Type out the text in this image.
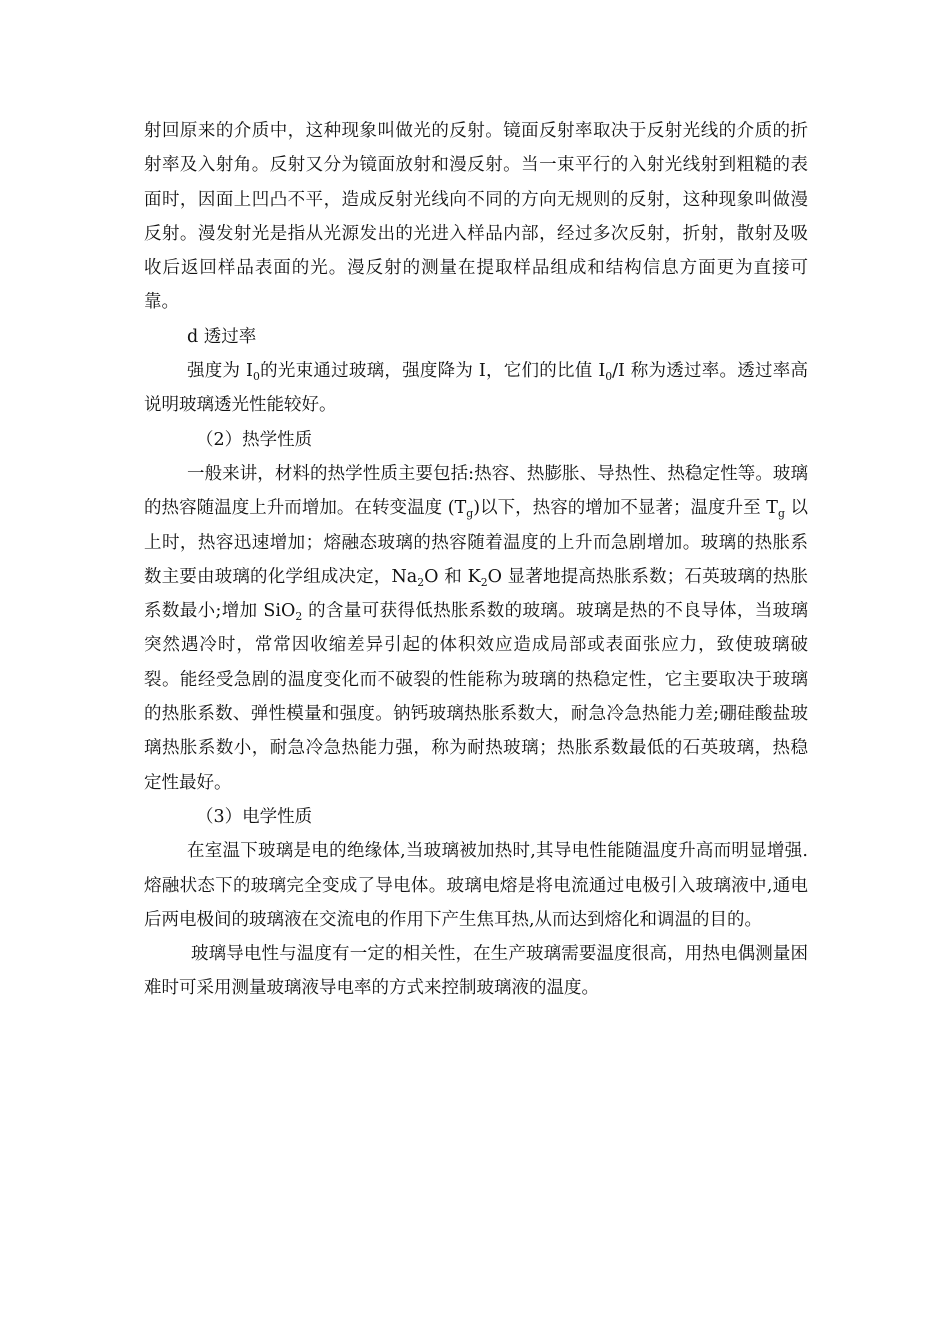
射回原来的介质中，这种现象叫做光的反射。镜面反射率取决于反射光线的介质的折射率及入射角。反射又分为镜面放射和漫反射。当一束平行的入射光线射到粗糙的表面时，因面上凹凸不平，造成反射光线向不同的方向无规则的反射，这种现象叫做漫反射。漫发射光是指从光源发出的光进入样品内部，经过多次反射，折射，散射及吸收后返回样品表面的光。漫反射的测量在提取样品组成和结构信息方面更为直接可靠。

d 透过率

强度为 $I_0$的光束通过玻璃，强度降为 I，它们的比值 $I_0/I$ 称为透过率。透过率高说明玻璃透光性能较好。

（2）热学性质

一般来讲，材料的热学性质主要包括:热容、热膨胀、导热性、热稳定性等。玻璃的热容随温度上升而增加。在转变温度 $(T_g)$以下，热容的增加不显著；温度升至 $T_g$ 以上时，热容迅速增加；熔融态玻璃的热容随着温度的上升而急剧增加。玻璃的热胀系数主要由玻璃的化学组成决定，$Na_2O$ 和 $K_2O$ 显著地提高热胀系数；石英玻璃的热胀系数最小;增加 SiO$_2$ 的含量可获得低热胀系数的玻璃。玻璃是热的不良导体，当玻璃突然遇冷时，常常因收缩差异引起的体积效应造成局部或表面张应力，致使玻璃破裂。能经受急剧的温度变化而不破裂的性能称为玻璃的热稳定性，它主要取决于玻璃的热胀系数、弹性模量和强度。钠钙玻璃热胀系数大，耐急冷急热能力差;硼硅酸盐玻璃热胀系数小，耐急冷急热能力强，称为耐热玻璃；热胀系数最低的石英玻璃，热稳定性最好。

（3）电学性质

在室温下玻璃是电的绝缘体,当玻璃被加热时,其导电性能随温度升高而明显增强.熔融状态下的玻璃完全变成了导电体。玻璃电熔是将电流通过电极引入玻璃液中,通电后两电极间的玻璃液在交流电的作用下产生焦耳热,从而达到熔化和调温的目的。

玻璃导电性与温度有一定的相关性，在生产玻璃需要温度很高，用热电偶测量困难时可采用测量玻璃液导电率的方式来控制玻璃液的温度。
